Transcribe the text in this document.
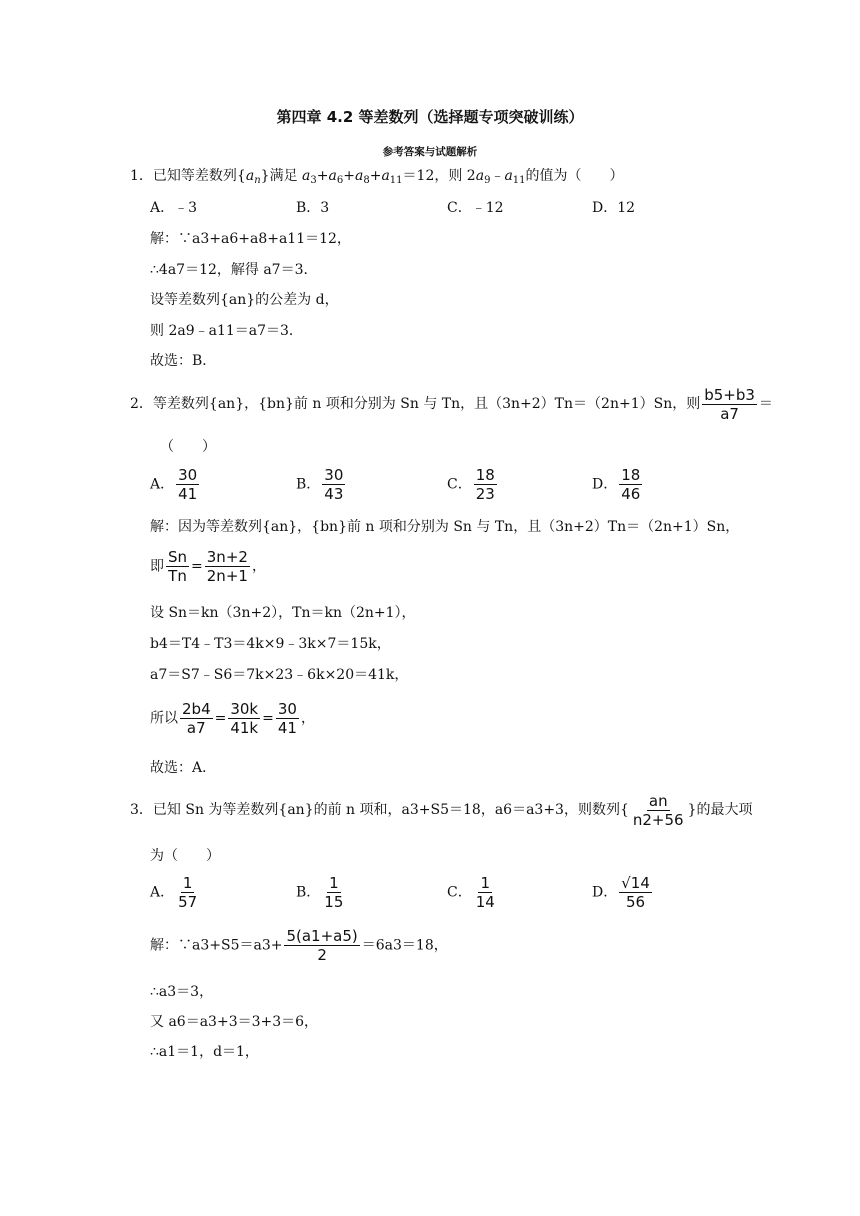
第四章 4.2 等差数列（选择题专项突破训练）
参考答案与试题解析
1．已知等差数列$\{a_n\}$满足 $a_3+a_6+a_8+a_{11}=12$，则 $2a_9﹣a_{11}$的值为（　　）
A．﹣3	B．3	C．﹣12	D．12
解：∵a3+a6+a8+a11＝12，
∴4a7＝12，解得 a7＝3．
设等差数列{an}的公差为 d，
则 2a9﹣a11＝a7＝3．
故选：B．
2．等差数列{an}，{bn}前 n 项和分别为 Sn 与 Tn，且（3n+2）Tn＝（2n+1）Sn，则 $\frac{b5+b3}{a7}$ ＝
（　　）
A． $\frac{30}{41}$	B． $\frac{30}{43}$	C． $\frac{18}{23}$	D． $\frac{18}{46}$
解：因为等差数列{an}，{bn}前 n 项和分别为 Sn 与 Tn，且（3n+2）Tn＝（2n+1）Sn，
即 $\frac{Sn}{Tn} = \frac{3n+2}{2n+1}$ ，
设 Sn＝kn（3n+2），Tn＝kn（2n+1），
b4＝T4﹣T3＝4k×9﹣3k×7＝15k，
a7＝S7﹣S6＝7k×23﹣6k×20＝41k，
所以 $\frac{2b4}{a7} = \frac{30k}{41k} = \frac{30}{41}$ ，
故选：A．
3．已知 Sn 为等差数列{an}的前 n 项和，a3+S5＝18，a6＝a3+3，则数列{ $\frac{an}{n2+56}$ }的最大项
为（　　）
A． $\frac{1}{57}$	B． $\frac{1}{15}$	C． $\frac{1}{14}$	D． $\frac{√14}{56}$
解：∵a3+S5＝a3+ $\frac{5(a1+a5)}{2} =6a3=18$，
∴a3＝3，
又 a6＝a3+3＝3+3＝6，
∴a1＝1，d＝1，
